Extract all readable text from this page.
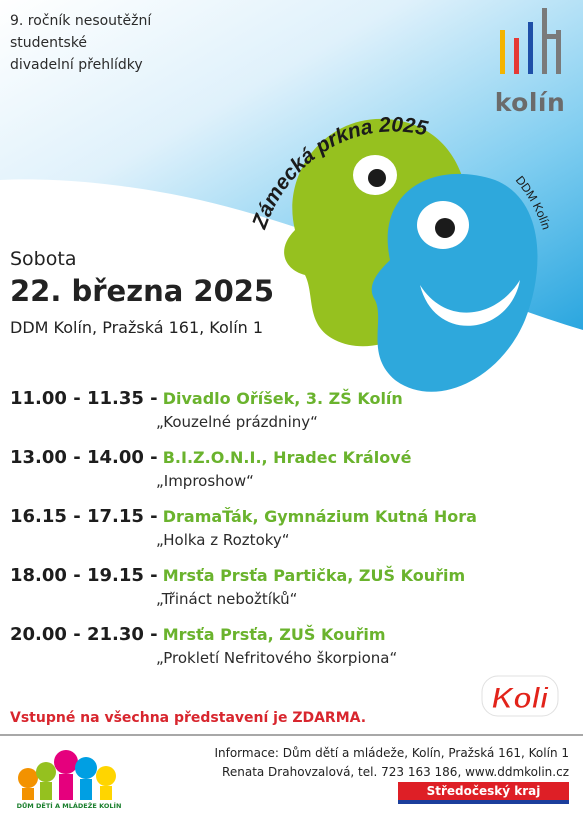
9. ročník nesoutěžní
studentské
divadelní přehlídky
kolín
Zámecká prkna 2025
DDM Kolín
Sobota
22. března 2025
DDM Kolín, Pražská 161, Kolín 1
11.00 - 11.35 - Divadlo Oříšek, 3. ZŠ Kolín
„Kouzelné prázdniny“
13.00 - 14.00 - B.I.Z.O.N.I., Hradec Králové
„Improshow“
16.15 - 17.15 - DramaŤák, Gymnázium Kutná Hora
„Holka z Roztoky“
18.00 - 19.15 - Mrsťa Prsťa Partička, ZUŠ Kouřim
„Třináct nebožtíků“
20.00 - 21.30 - Mrsťa Prsťa, ZUŠ Kouřim
„Prokletí Nefritového škorpiona“
Koli
Vstupné na všechna představení je ZDARMA.
DŮM DĚTÍ A MLÁDEŽE KOLÍN
Informace: Dům dětí a mládeže, Kolín, Pražská 161, Kolín 1
Renata Drahovzalová, tel. 723 163 186, www.ddmkolin.cz
Středočeský kraj
